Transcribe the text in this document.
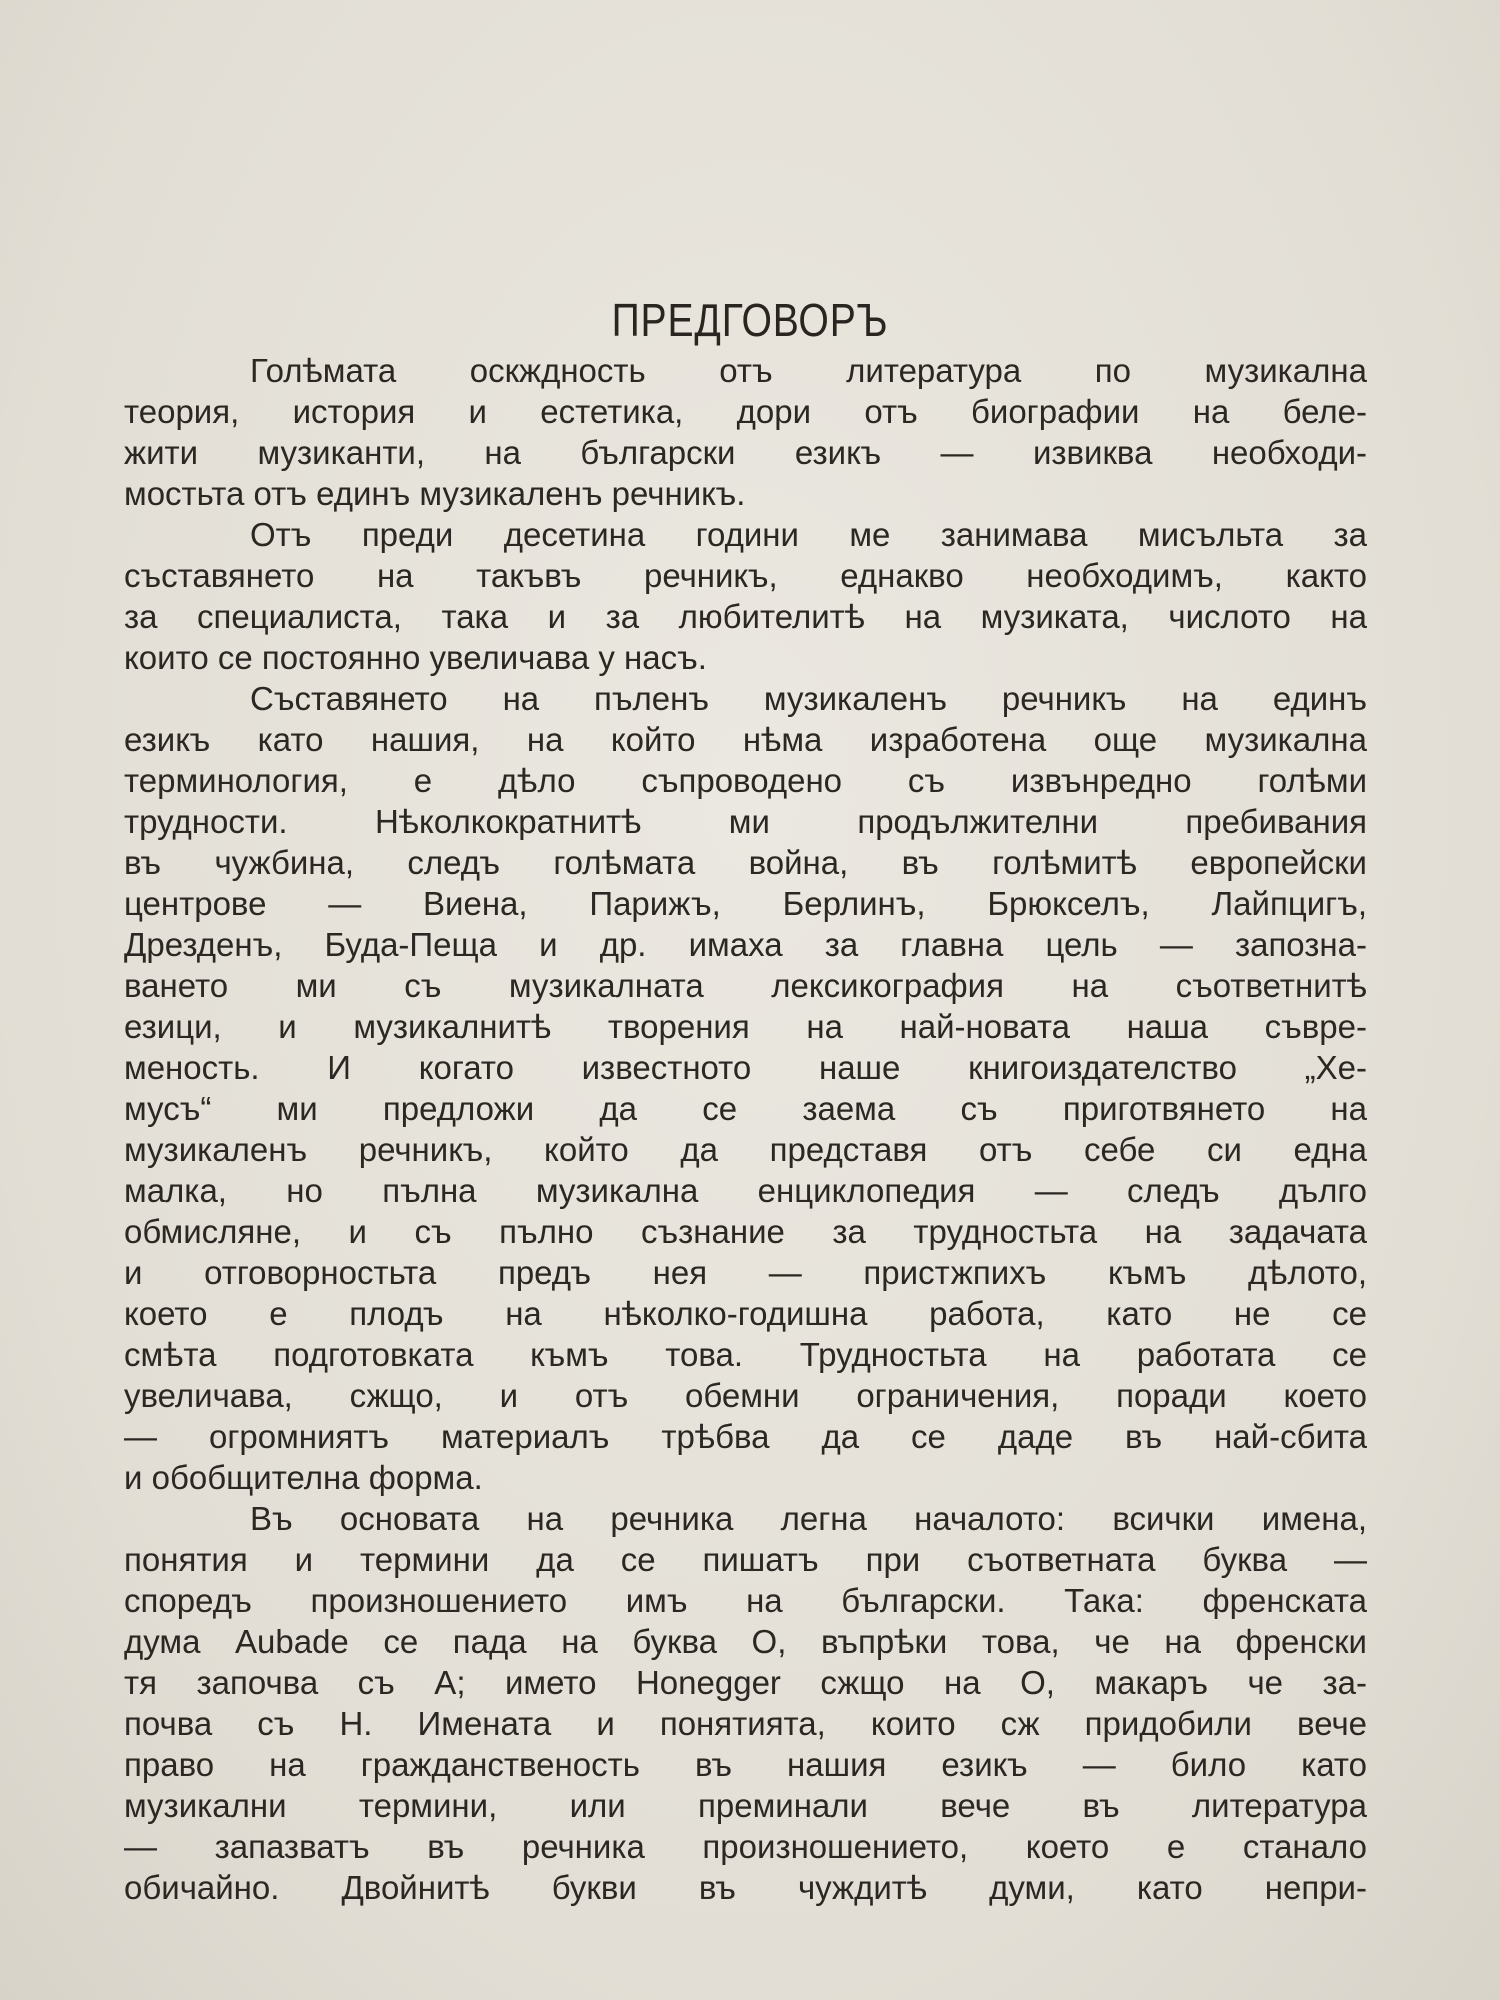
ПРЕДГОВОРЪ
Голѣмата оскждность отъ литература по музикална
теория, история и естетика, дори отъ биографии на беле-
жити музиканти, на български езикъ — извиква необходи-
мостьта отъ единъ музикаленъ речникъ.
Отъ преди десетина години ме занимава мисъльта за
съставянето на такъвъ речникъ, еднакво необходимъ, както
за специалиста, така и за любителитѣ на музиката, числото на
които се постоянно увеличава у насъ.
Съставянето на пъленъ музикаленъ речникъ на единъ
езикъ като нашия, на който нѣма изработена още музикална
терминология, е дѣло съпроводено съ извънредно голѣми
трудности. Нѣколкократнитѣ ми продължителни пребивания
въ чужбина, следъ голѣмата война, въ голѣмитѣ европейски
центрове — Виена, Парижъ, Берлинъ, Брюкселъ, Лайпцигъ,
Дрезденъ, Буда-Пеща и др. имаха за главна цель — запозна-
ването ми съ музикалната лексикография на съответнитѣ
езици, и музикалнитѣ творения на най-новата наша съвре-
меность. И когато известното наше книгоиздателство „Хе-
мусъ“ ми предложи да се заема съ приготвянето на
музикаленъ речникъ, който да представя отъ себе си една
малка, но пълна музикална енциклопедия — следъ дълго
обмисляне, и съ пълно съзнание за трудностьта на задачата
и отговорностьта предъ нея — пристжпихъ къмъ дѣлото,
което е плодъ на нѣколко-годишна работа, като не се
смѣта подготовката къмъ това. Трудностьта на работата се
увеличава, сжщо, и отъ обемни ограничения, поради което
— огромниятъ материалъ трѣбва да се даде въ най-сбита
и обобщителна форма.
Въ основата на речника легна началото: всички имена,
понятия и термини да се пишатъ при съответната буква —
споредъ произношението имъ на български. Така: френската
дума Aubade се пада на буква О, въпрѣки това, че на френски
тя започва съ A; името Honegger сжщо на О, макаръ че за-
почва съ Н. Имената и понятията, които сж придобили вече
право на гражданственость въ нашия езикъ — било като
музикални термини, или преминали вече въ литература
— запазватъ въ речника произношението, което е станало
обичайно. Двойнитѣ букви въ чуждитѣ думи, като непри-
